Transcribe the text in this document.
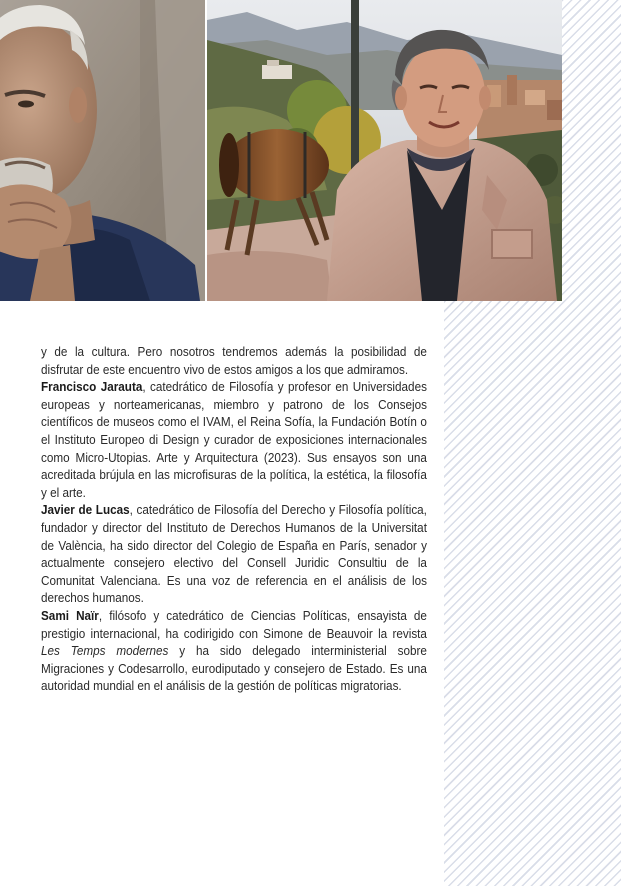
y de la cultura. Pero nosotros tendremos además la posibilidad de disfrutar de este encuentro vivo de estos amigos a los que admiramos.

Francisco Jarauta, catedrático de Filosofía y profesor en Universidades europeas y norteamericanas, miembro y patrono de los Consejos científicos de museos como el IVAM, el Reina Sofía, la Fundación Botín o el Instituto Europeo di Design y curador de exposiciones internacionales como Micro-Utopias. Arte y Arquitectura (2023). Sus ensayos son una acreditada brújula en las microfisuras de la política, la estética, la filosofía y el arte.

Javier de Lucas, catedrático de Filosofía del Derecho y Filosofía política, fundador y director del Instituto de Derechos Humanos de la Universitat de València, ha sido director del Colegio de España en París, senador y actualmente consejero electivo del Consell Juridic Consultiu de la Comunitat Valenciana. Es una voz de referencia en el análisis de los derechos humanos.

Sami Naïr, filósofo y catedrático de Ciencias Políticas, ensayista de prestigio internacional, ha codirigido con Simone de Beauvoir la revista Les Temps modernes y ha sido delegado interministerial sobre Migraciones y Codesarrollo, eurodiputado y consejero de Estado. Es una autoridad mundial en el análisis de la gestión de políticas migratorias.
